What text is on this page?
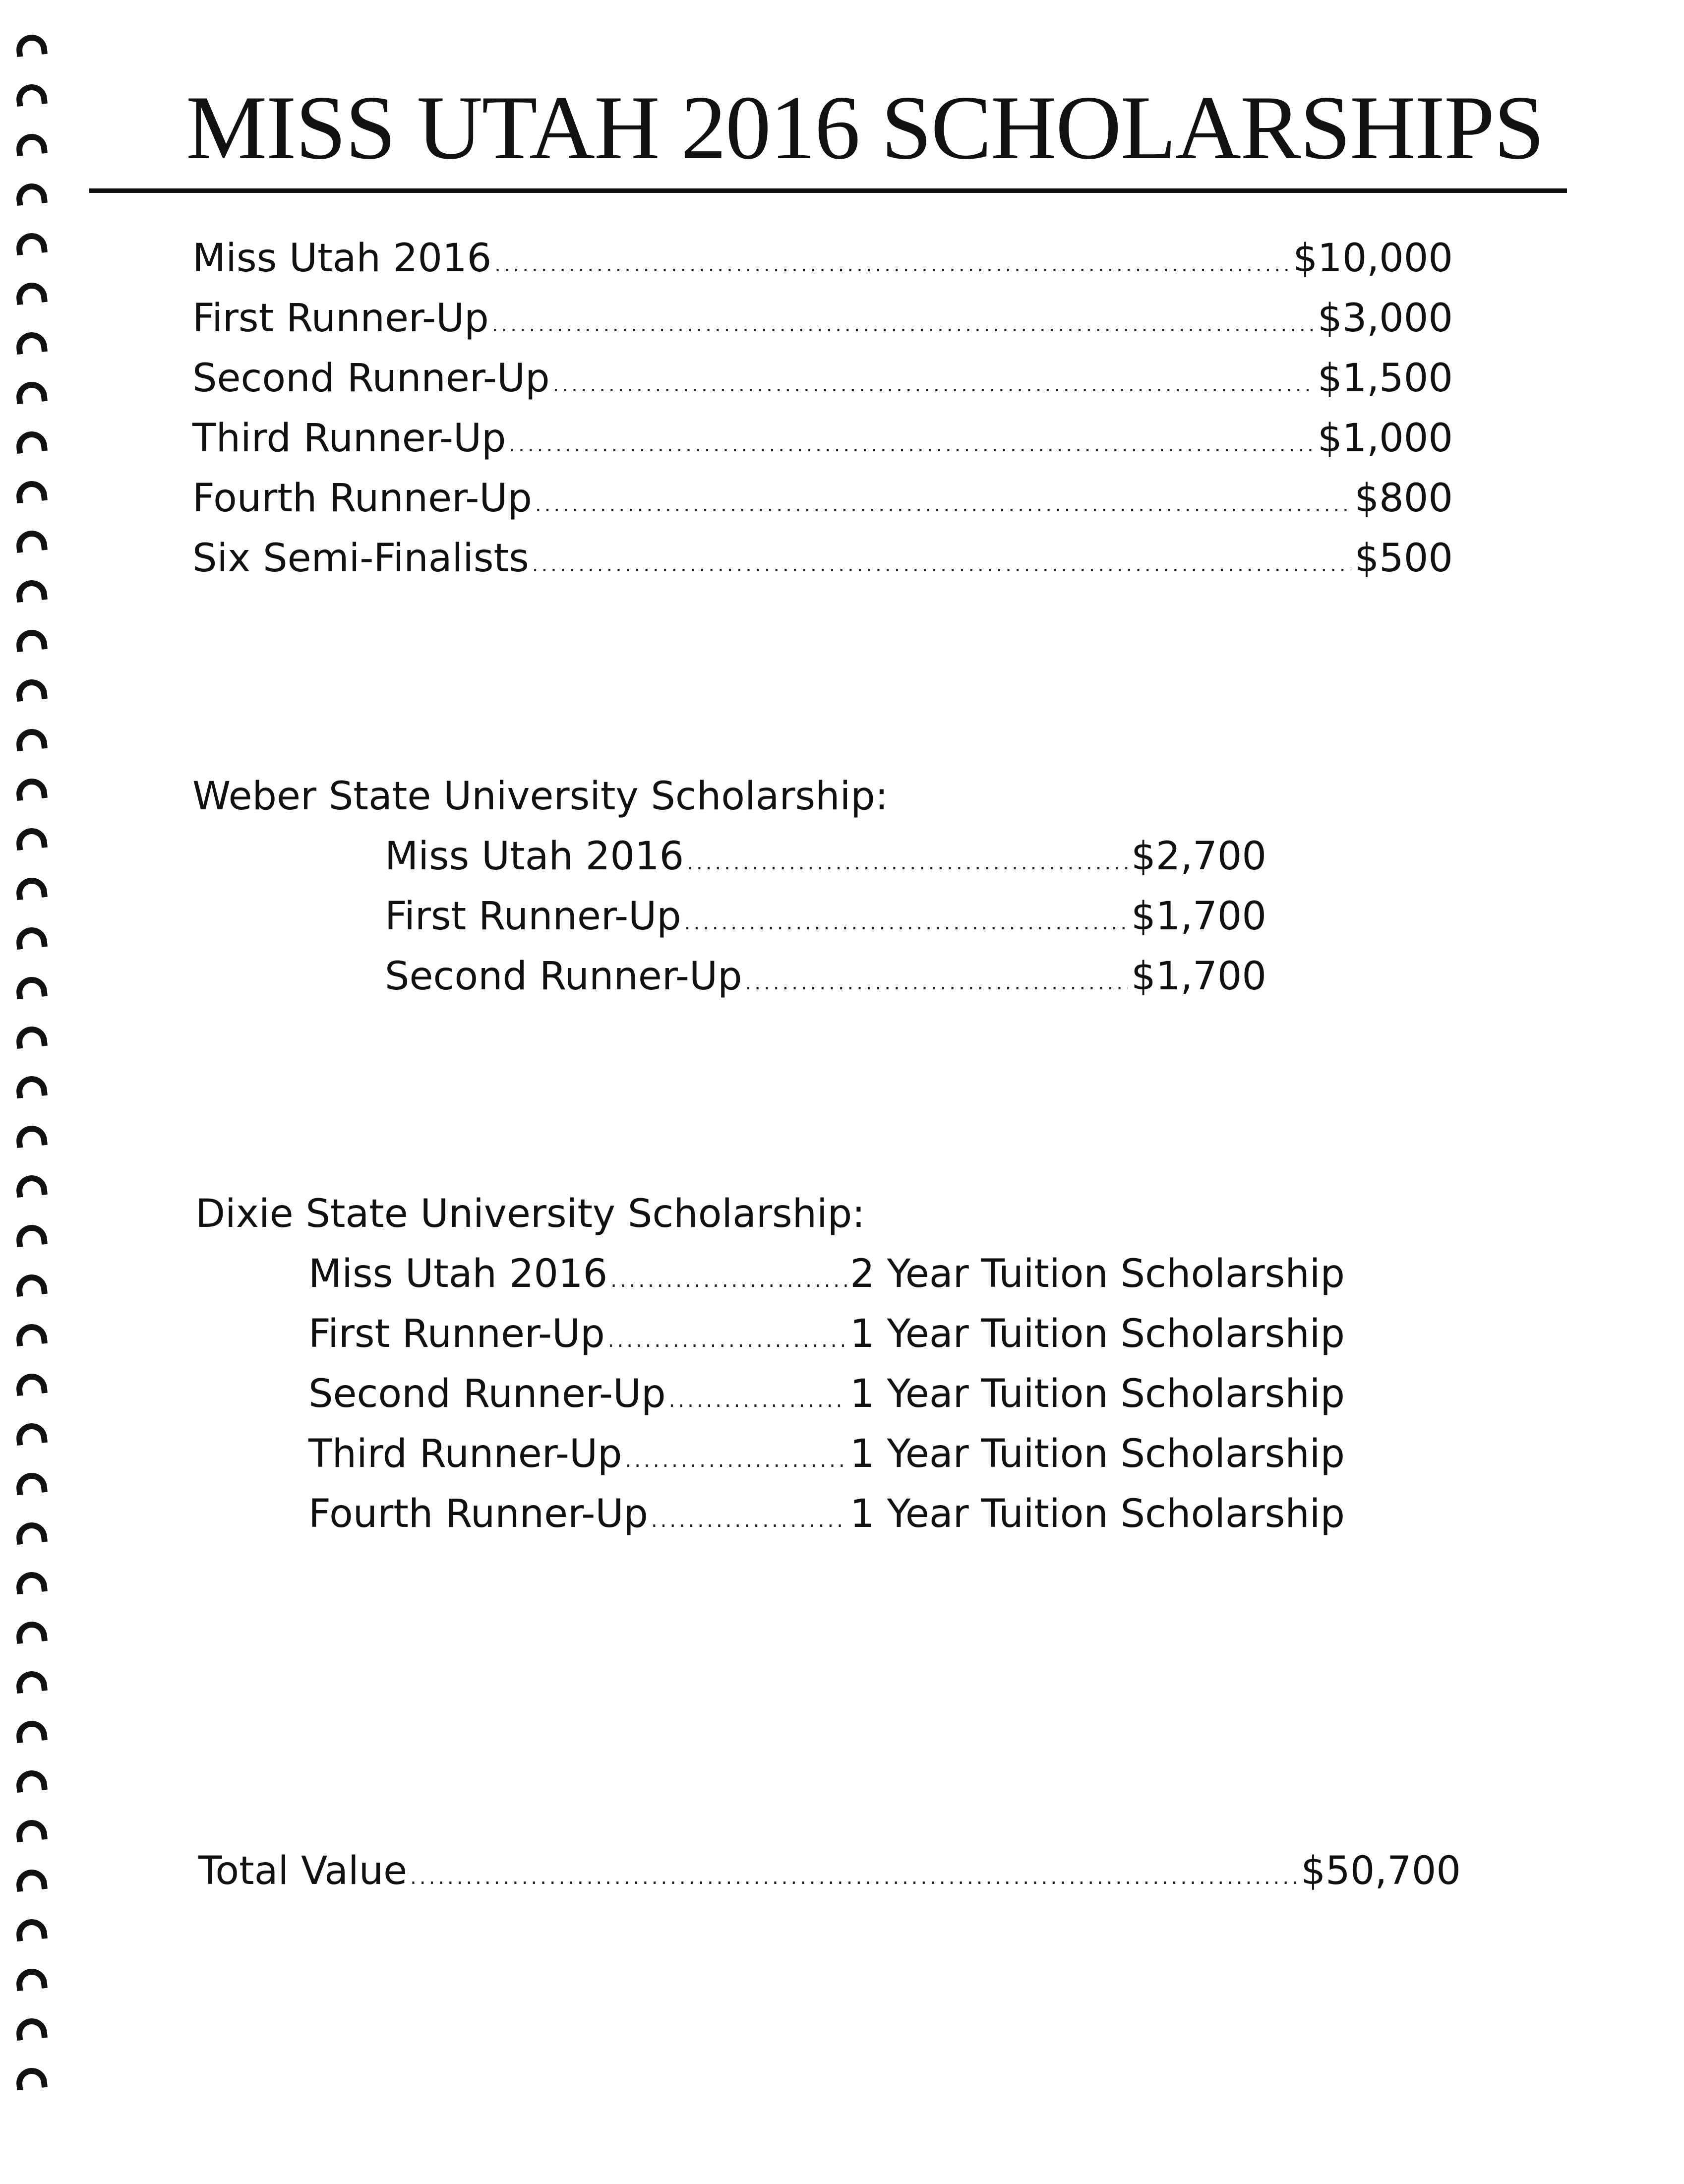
MISS UTAH 2016 SCHOLARSHIPS
Miss Utah 2016 .....	$10,000
First Runner-Up .....	$3,000
Second Runner-Up .....	$1,500
Third Runner-Up .....	$1,000
Fourth Runner-Up .....	$800
Six Semi-Finalists .....	$500
Weber State University Scholarship:
Miss Utah 2016 .....	$2,700
First Runner-Up .....	$1,700
Second Runner-Up .....	$1,700
Dixie State University Scholarship:
Miss Utah 2016 .....	2 Year Tuition Scholarship
First Runner-Up .....	1 Year Tuition Scholarship
Second Runner-Up .....	1 Year Tuition Scholarship
Third Runner-Up .....	1 Year Tuition Scholarship
Fourth Runner-Up .....	1 Year Tuition Scholarship
Total Value .....	$50,700
